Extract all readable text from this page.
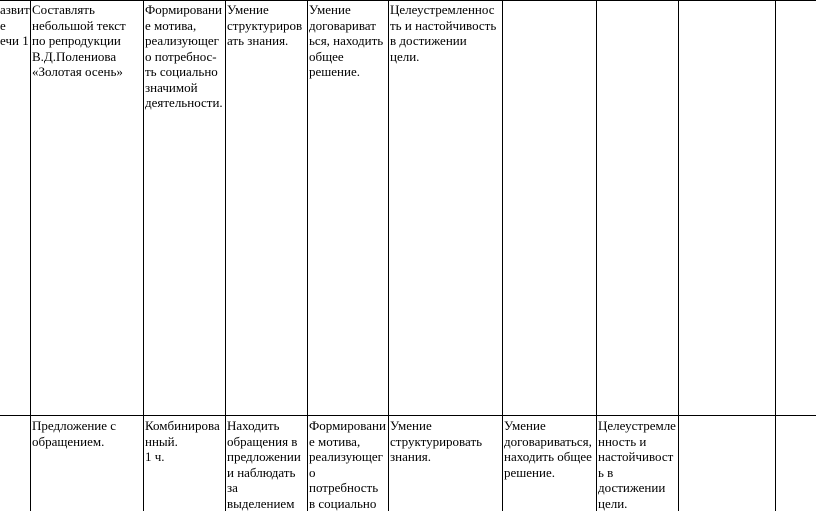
азвит
е
ечи 1
Составлять
небольшой текст
по репродукции
В.Д.Полениова
«Золотая осень»
Формировани
е мотива,
реализующег
о потребнос-
ть социально
значимой
деятельности.
Умение
структуриров
ать знания.
Умение
договариват
ься, находить
общее
решение.
Целеустремленнос
ть и настойчивость
в достижении
цели.
Предложение с
обращением.
Комбинирова
нный.
1 ч.
Находить
обращения в
предложении
и наблюдать
за
выделением
Формировани
е мотива,
реализующег
о
потребность
в социально
Умение
структурировать
знания.
Умение
договариваться,
находить общее
решение.
Целеустремле
нность и
настойчивост
ь в
достижении
цели.
